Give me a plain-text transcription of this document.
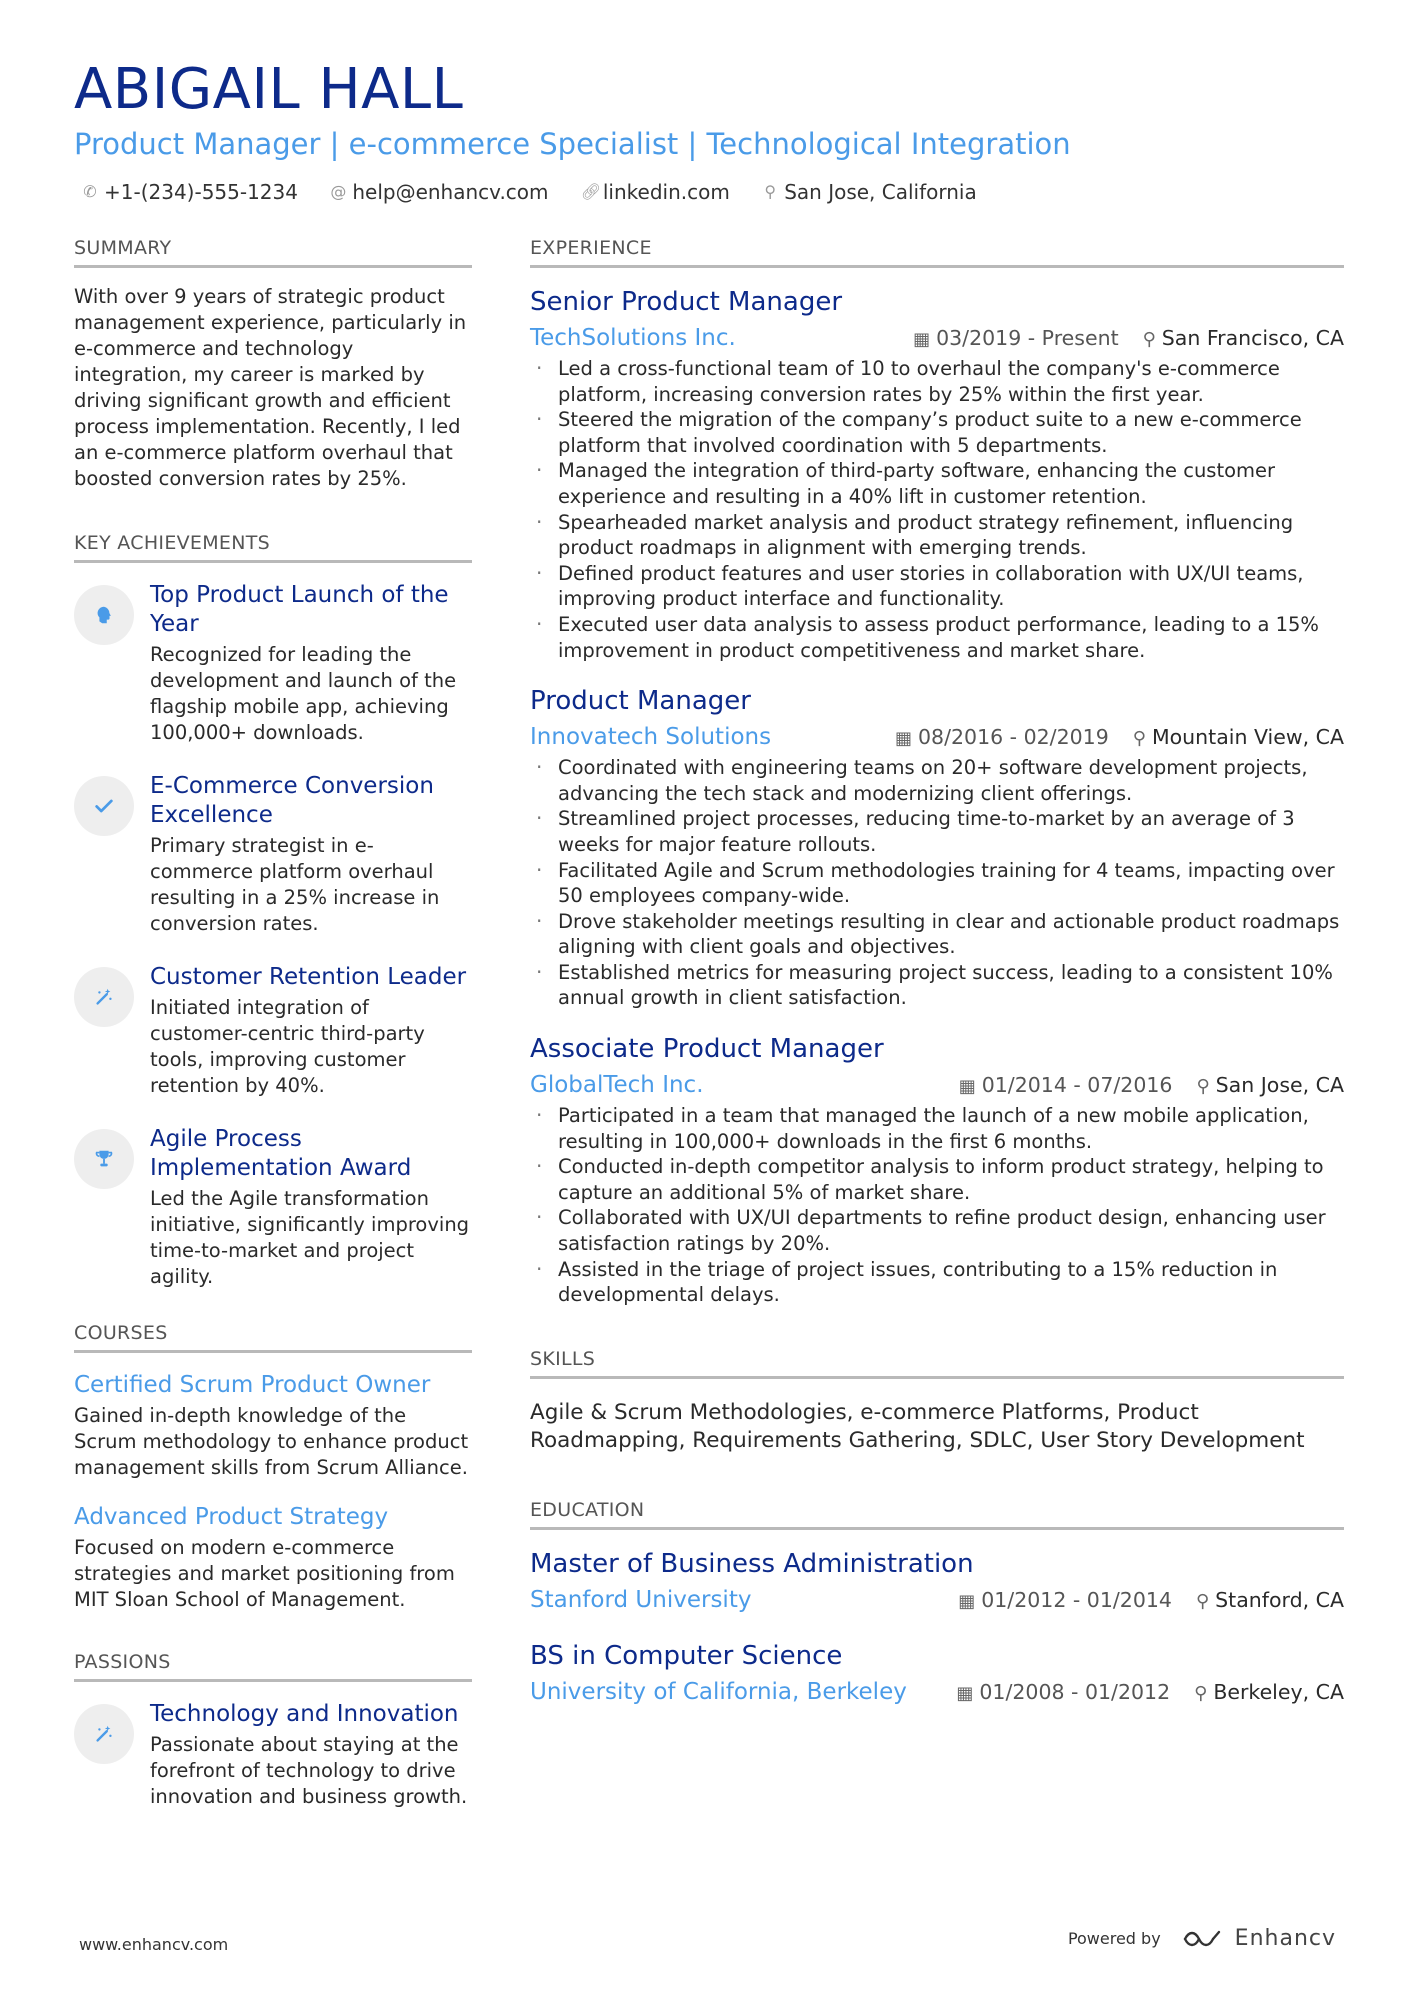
ABIGAIL HALL
Product Manager | e-commerce Specialist | Technological Integration
✆ +1-(234)-555-1234
@ help@enhancv.com
🔗︎ linkedin.com
⚲ San Jose, California
SUMMARY
With over 9 years of strategic product management experience, particularly in e-commerce and technology integration, my career is marked by driving significant growth and efficient process implementation. Recently, I led an e-commerce platform overhaul that boosted conversion rates by 25%.
KEY ACHIEVEMENTS
Top Product Launch of the Year
Recognized for leading the development and launch of the flagship mobile app, achieving 100,000+ downloads.
E-Commerce Conversion Excellence
Primary strategist in e-commerce platform overhaul resulting in a 25% increase in conversion rates.
Customer Retention Leader
Initiated integration of customer-centric third-party tools, improving customer retention by 40%.
Agile Process Implementation Award
Led the Agile transformation initiative, significantly improving time-to-market and project agility.
COURSES
Certified Scrum Product Owner
Gained in-depth knowledge of the Scrum methodology to enhance product management skills from Scrum Alliance.
Advanced Product Strategy
Focused on modern e-commerce strategies and market positioning from MIT Sloan School of Management.
PASSIONS
Technology and Innovation
Passionate about staying at the forefront of technology to drive innovation and business growth.
EXPERIENCE
Senior Product Manager
TechSolutions Inc.	▦ 03/2019 - Present ⚲ San Francisco, CA
· Led a cross-functional team of 10 to overhaul the company's e-commerce platform, increasing conversion rates by 25% within the first year.
· Steered the migration of the company’s product suite to a new e-commerce platform that involved coordination with 5 departments.
· Managed the integration of third-party software, enhancing the customer experience and resulting in a 40% lift in customer retention.
· Spearheaded market analysis and product strategy refinement, influencing product roadmaps in alignment with emerging trends.
· Defined product features and user stories in collaboration with UX/UI teams, improving product interface and functionality.
· Executed user data analysis to assess product performance, leading to a 15% improvement in product competitiveness and market share.
Product Manager
Innovatech Solutions	▦ 08/2016 - 02/2019 ⚲ Mountain View, CA
· Coordinated with engineering teams on 20+ software development projects, advancing the tech stack and modernizing client offerings.
· Streamlined project processes, reducing time-to-market by an average of 3 weeks for major feature rollouts.
· Facilitated Agile and Scrum methodologies training for 4 teams, impacting over 50 employees company-wide.
· Drove stakeholder meetings resulting in clear and actionable product roadmaps aligning with client goals and objectives.
· Established metrics for measuring project success, leading to a consistent 10% annual growth in client satisfaction.
Associate Product Manager
GlobalTech Inc.	▦ 01/2014 - 07/2016 ⚲ San Jose, CA
· Participated in a team that managed the launch of a new mobile application, resulting in 100,000+ downloads in the first 6 months.
· Conducted in-depth competitor analysis to inform product strategy, helping to capture an additional 5% of market share.
· Collaborated with UX/UI departments to refine product design, enhancing user satisfaction ratings by 20%.
· Assisted in the triage of project issues, contributing to a 15% reduction in developmental delays.
SKILLS
Agile & Scrum Methodologies, e-commerce Platforms, Product Roadmapping, Requirements Gathering, SDLC, User Story Development
EDUCATION
Master of Business Administration
Stanford University	▦ 01/2012 - 01/2014 ⚲ Stanford, CA
BS in Computer Science
University of California, Berkeley	▦ 01/2008 - 01/2012 ⚲ Berkeley, CA
www.enhancv.com	Powered by	Enhancv
